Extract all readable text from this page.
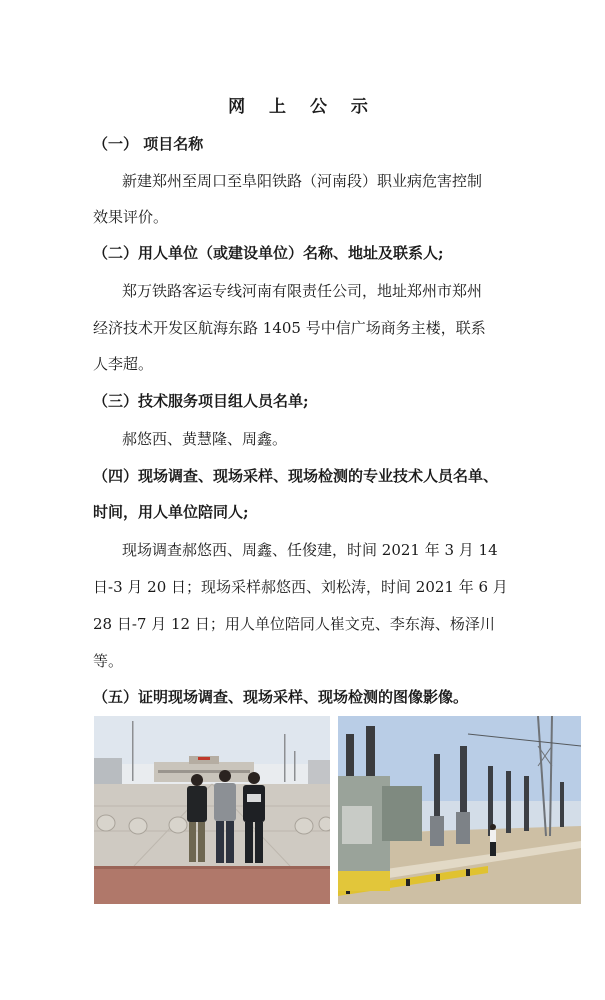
网 上 公 示
（一） 项目名称
新建郑州至周口至阜阳铁路（河南段）职业病危害控制
效果评价。
（二）用人单位（或建设单位）名称、地址及联系人;
郑万铁路客运专线河南有限责任公司，地址郑州市郑州
经济技术开发区航海东路 1405 号中信广场商务主楼，联系
人李超。
（三）技术服务项目组人员名单;
郝悠西、黄慧隆、周鑫。
（四）现场调查、现场采样、现场检测的专业技术人员名单、
时间，用人单位陪同人;
现场调查郝悠西、周鑫、任俊建，时间 2021 年 3 月 14
日-3 月 20 日；现场采样郝悠西、刘松涛，时间 2021 年 6 月
28 日-7 月 12 日；用人单位陪同人崔文克、李东海、杨泽川
等。
（五）证明现场调查、现场采样、现场检测的图像影像。
